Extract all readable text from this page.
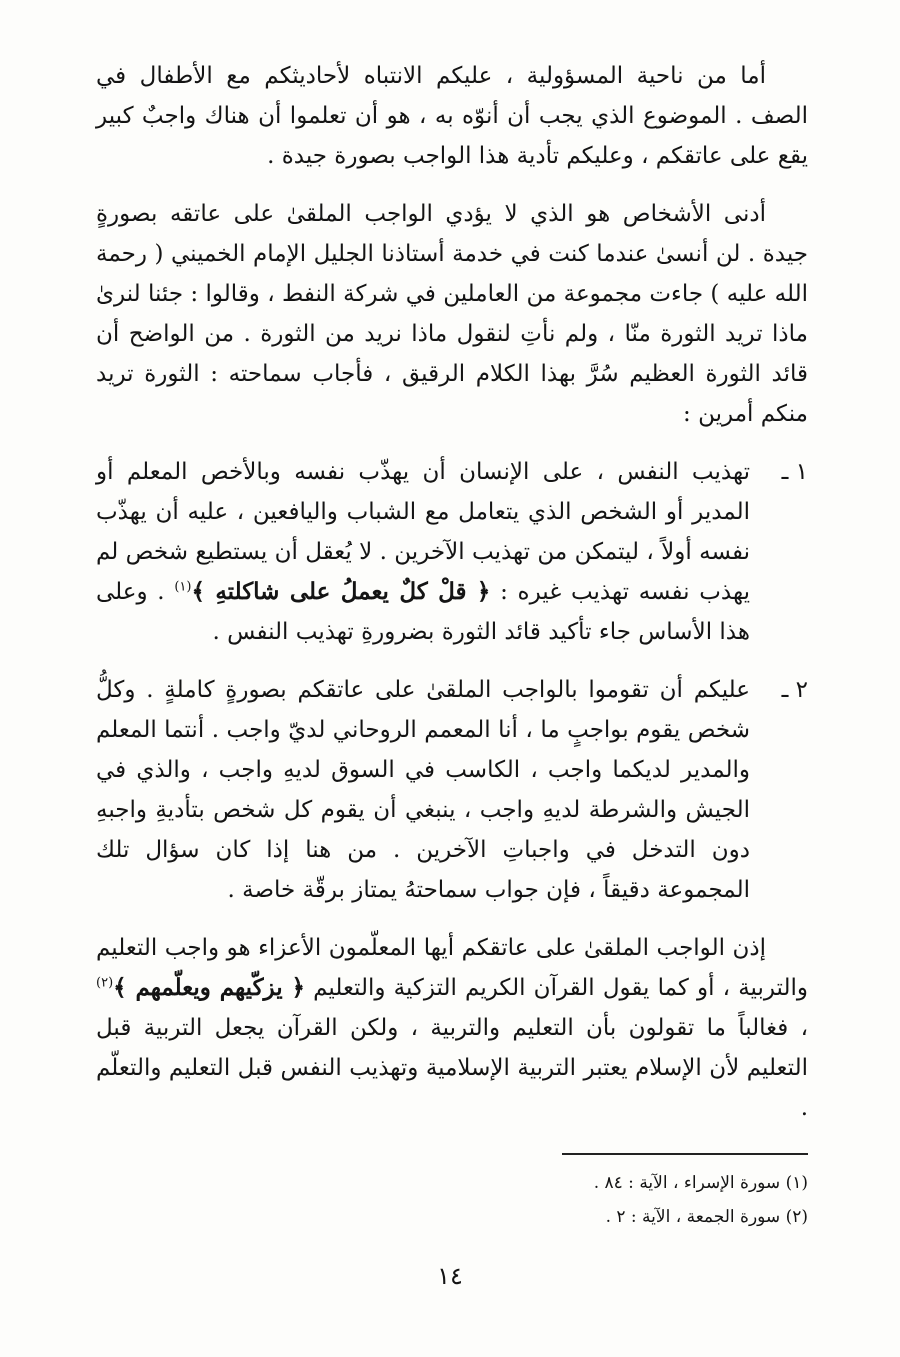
أما من ناحية المسؤولية ، عليكم الانتباه لأحاديثكم مع الأطفال في الصف . الموضوع الذي يجب أن أنوّه به ، هو أن تعلموا أن هناك واجبٌ كبير يقع على عاتقكم ، وعليكم تأدية هذا الواجب بصورة جيدة .

أدنى الأشخاص هو الذي لا يؤدي الواجب الملقىٰ على عاتقه بصورةٍ جيدة . لن أنسىٰ عندما كنت في خدمة أستاذنا الجليل الإمام الخميني ( رحمة الله عليه ) جاءت مجموعة من العاملين في شركة النفط ، وقالوا : جئنا لنرىٰ ماذا تريد الثورة منّا ، ولم نأتِ لنقول ماذا نريد من الثورة . من الواضح أن قائد الثورة العظيم سُرَّ بهذا الكلام الرقيق ، فأجاب سماحته : الثورة تريد منكم أمرين :

١ ـ

تهذيب النفس ، على الإنسان أن يهذّب نفسه وبالأخص المعلم أو المدير أو الشخص الذي يتعامل مع الشباب واليافعين ، عليه أن يهذّب نفسه أولاً ، ليتمكن من تهذيب الآخرين . لا يُعقل أن يستطيع شخص لم يهذب نفسه تهذيب غيره : ﴿ قلْ كلٌ يعملُ على شاكلتهِ ﴾$^{(١)}$ . وعلى هذا الأساس جاء تأكيد قائد الثورة بضرورةِ تهذيب النفس .

٢ ـ

عليكم أن تقوموا بالواجب الملقىٰ على عاتقكم بصورةٍ كاملةٍ . وكلُّ شخص يقوم بواجبٍ ما ، أنا المعمم الروحاني لديّ واجب . أنتما المعلم والمدير لديكما واجب ، الكاسب في السوق لديهِ واجب ، والذي في الجيش والشرطة لديهِ واجب ، ينبغي أن يقوم كل شخص بتأديةِ واجبهِ دون التدخل في واجباتِ الآخرين . من هنا إذا كان سؤال تلك المجموعة دقيقاً ، فإن جواب سماحتهُ يمتاز برقّة خاصة .

إذن الواجب الملقىٰ على عاتقكم أيها المعلّمون الأعزاء هو واجب التعليم والتربية ، أو كما يقول القرآن الكريم التزكية والتعليم ﴿ يزكّيهم ويعلّمهم ﴾$^{(٢)}$ ، فغالباً ما تقولون بأن التعليم والتربية ، ولكن القرآن يجعل التربية قبل التعليم لأن الإسلام يعتبر التربية الإسلامية وتهذيب النفس قبل التعليم والتعلّم .

(١) سورة الإسراء ، الآية : ٨٤ .

(٢) سورة الجمعة ، الآية : ٢ .

١٤
